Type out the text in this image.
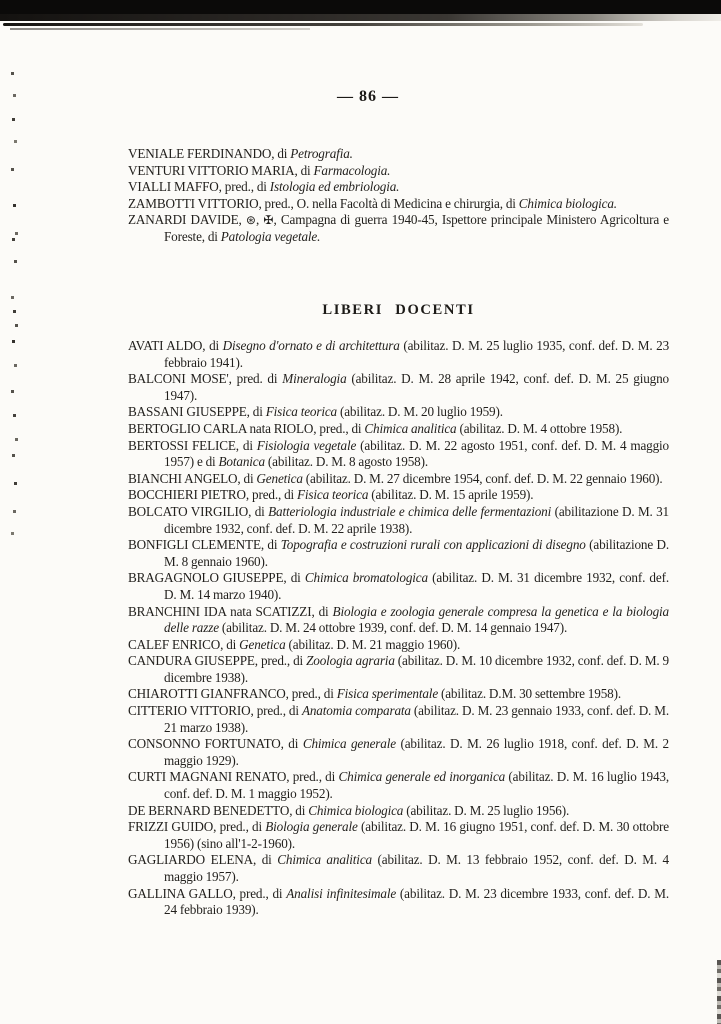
— 86 —

VENIALE FERDINANDO, di Petrografia.

VENTURI VITTORIO MARIA, di Farmacologia.

VIALLI MAFFO, pred., di Istologia ed embriologia.

ZAMBOTTI VITTORIO, pred., O. nella Facoltà di Medicina e chirurgia, di Chimica biologica.

ZANARDI DAVIDE, ⊛, ✠, Campagna di guerra 1940-45, Ispettore principale Ministero Agricoltura e Foreste, di Patologia vegetale.

LIBERI DOCENTI

AVATI ALDO, di Disegno d'ornato e di architettura (abilitaz. D. M. 25 luglio 1935, conf. def. D. M. 23 febbraio 1941).

BALCONI MOSE', pred. di Mineralogia (abilitaz. D. M. 28 aprile 1942, conf. def. D. M. 25 giugno 1947).

BASSANI GIUSEPPE, di Fisica teorica (abilitaz. D. M. 20 luglio 1959).

BERTOGLIO CARLA nata RIOLO, pred., di Chimica analitica (abilitaz. D. M. 4 ottobre 1958).

BERTOSSI FELICE, di Fisiologia vegetale (abilitaz. D. M. 22 agosto 1951, conf. def. D. M. 4 maggio 1957) e di Botanica (abilitaz. D. M. 8 agosto 1958).

BIANCHI ANGELO, di Genetica (abilitaz. D. M. 27 dicembre 1954, conf. def. D. M. 22 gennaio 1960).

BOCCHIERI PIETRO, pred., di Fisica teorica (abilitaz. D. M. 15 aprile 1959).

BOLCATO VIRGILIO, di Batteriologia industriale e chimica delle fermentazioni (abilitazione D. M. 31 dicembre 1932, conf. def. D. M. 22 aprile 1938).

BONFIGLI CLEMENTE, di Topografia e costruzioni rurali con applicazioni di disegno (abilitazione D. M. 8 gennaio 1960).

BRAGAGNOLO GIUSEPPE, di Chimica bromatologica (abilitaz. D. M. 31 dicembre 1932, conf. def. D. M. 14 marzo 1940).

BRANCHINI IDA nata SCATIZZI, di Biologia e zoologia generale compresa la genetica e la biologia delle razze (abilitaz. D. M. 24 ottobre 1939, conf. def. D. M. 14 gennaio 1947).

CALEF ENRICO, di Genetica (abilitaz. D. M. 21 maggio 1960).

CANDURA GIUSEPPE, pred., di Zoologia agraria (abilitaz. D. M. 10 dicembre 1932, conf. def. D. M. 9 dicembre 1938).

CHIAROTTI GIANFRANCO, pred., di Fisica sperimentale (abilitaz. D.M. 30 settembre 1958).

CITTERIO VITTORIO, pred., di Anatomia comparata (abilitaz. D. M. 23 gennaio 1933, conf. def. D. M. 21 marzo 1938).

CONSONNO FORTUNATO, di Chimica generale (abilitaz. D. M. 26 luglio 1918, conf. def. D. M. 2 maggio 1929).

CURTI MAGNANI RENATO, pred., di Chimica generale ed inorganica (abilitaz. D. M. 16 luglio 1943, conf. def. D. M. 1 maggio 1952).

DE BERNARD BENEDETTO, di Chimica biologica (abilitaz. D. M. 25 luglio 1956).

FRIZZI GUIDO, pred., di Biologia generale (abilitaz. D. M. 16 giugno 1951, conf. def. D. M. 30 ottobre 1956) (sino all'1-2-1960).

GAGLIARDO ELENA, di Chimica analitica (abilitaz. D. M. 13 febbraio 1952, conf. def. D. M. 4 maggio 1957).

GALLINA GALLO, pred., di Analisi infinitesimale (abilitaz. D. M. 23 dicembre 1933, conf. def. D. M. 24 febbraio 1939).
